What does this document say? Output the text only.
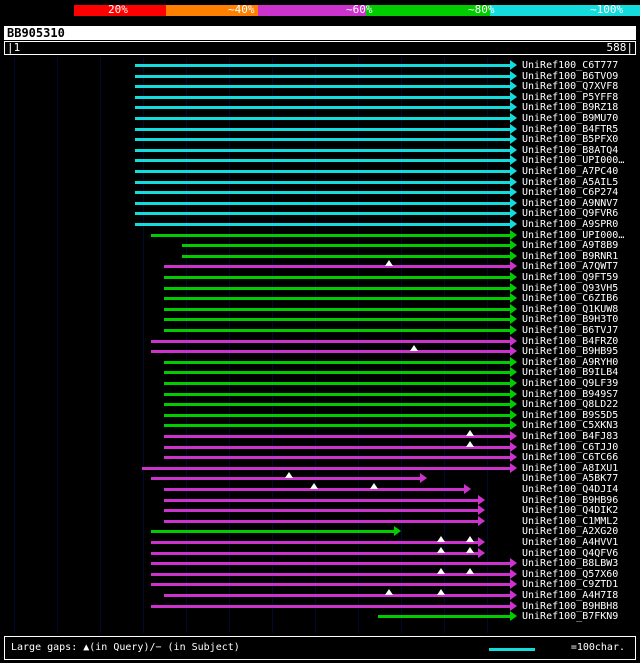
20%	~40%	~60%	~80%	~100%
BB905310
|1	588|
UniRef100_C6T777
UniRef100_B6TVO9
UniRef100_Q7XVF8
UniRef100_P5YFF8
UniRef100_B9RZ18
UniRef100_B9MU70
UniRef100_B4FTR5
UniRef100_B5PFX0
UniRef100_B8ATQ4
UniRef100_UPI000…
UniRef100_A7PC40
UniRef100_A5AIL5
UniRef100_C6P274
UniRef100_A9NNV7
UniRef100_Q9FVR6
UniRef100_A9SPR0
UniRef100_UPI000…
UniRef100_A9T8B9
UniRef100_B9RNR1
UniRef100_A7QWT7
UniRef100_Q9FT59
UniRef100_Q93VH5
UniRef100_C6ZIB6
UniRef100_Q1KUW8
UniRef100_B9H3T0
UniRef100_B6TVJ7
UniRef100_B4FRZ0
UniRef100_B9HB95
UniRef100_A9RYH0
UniRef100_B9ILB4
UniRef100_Q9LF39
UniRef100_B949S7
UniRef100_Q8LD22
UniRef100_B9S5D5
UniRef100_C5XKN3
UniRef100_B4FJ83
UniRef100_C6TJJ0
UniRef100_C6TC66
UniRef100_A8IXU1
UniRef100_A5BK77
UniRef100_Q4DJI4
UniRef100_B9HB96
UniRef100_Q4DIK2
UniRef100_C1MML2
UniRef100_A2XG20
UniRef100_A4HVV1
UniRef100_Q4QFV6
UniRef100_B8LBW3
UniRef100_Q57X60
UniRef100_C9ZTD1
UniRef100_A4H7I8
UniRef100_B9HBH8
UniRef100_B7FKN9
Large gaps: ▲(in Query)/− (in Subject)	=100char.
